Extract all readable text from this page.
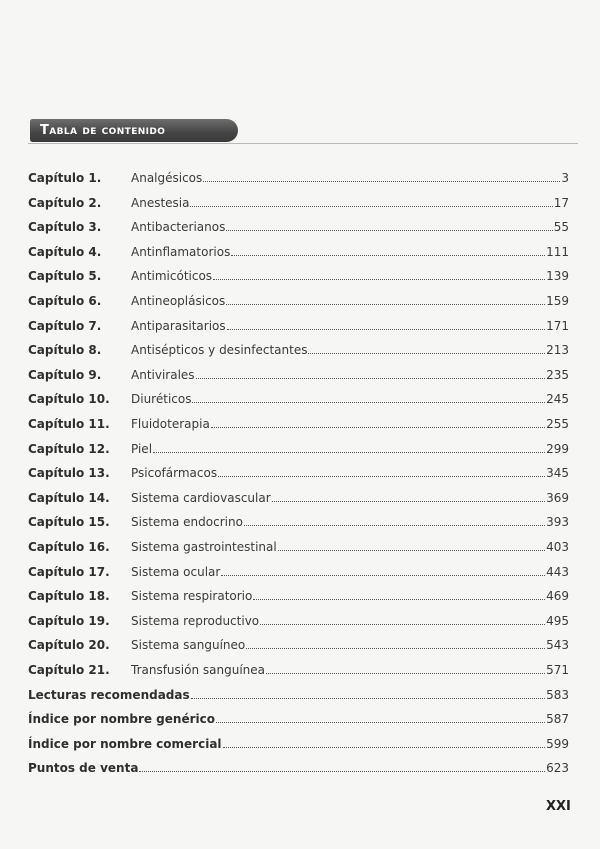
Tabla de contenido
Capítulo 1.	Analgésicos	3
Capítulo 2.	Anestesia	17
Capítulo 3.	Antibacterianos	55
Capítulo 4.	Antinflamatorios	111
Capítulo 5.	Antimicóticos	139
Capítulo 6.	Antineoplásicos	159
Capítulo 7.	Antiparasitarios	171
Capítulo 8.	Antisépticos y desinfectantes	213
Capítulo 9.	Antivirales	235
Capítulo 10.	Diuréticos	245
Capítulo 11.	Fluidoterapia	255
Capítulo 12.	Piel	299
Capítulo 13.	Psicofármacos	345
Capítulo 14.	Sistema cardiovascular	369
Capítulo 15.	Sistema endocrino	393
Capítulo 16.	Sistema gastrointestinal	403
Capítulo 17.	Sistema ocular	443
Capítulo 18.	Sistema respiratorio	469
Capítulo 19.	Sistema reproductivo	495
Capítulo 20.	Sistema sanguíneo	543
Capítulo 21.	Transfusión sanguínea	571
Lecturas recomendadas	583
Índice por nombre genérico	587
Índice por nombre comercial	599
Puntos de venta	623
XXI
